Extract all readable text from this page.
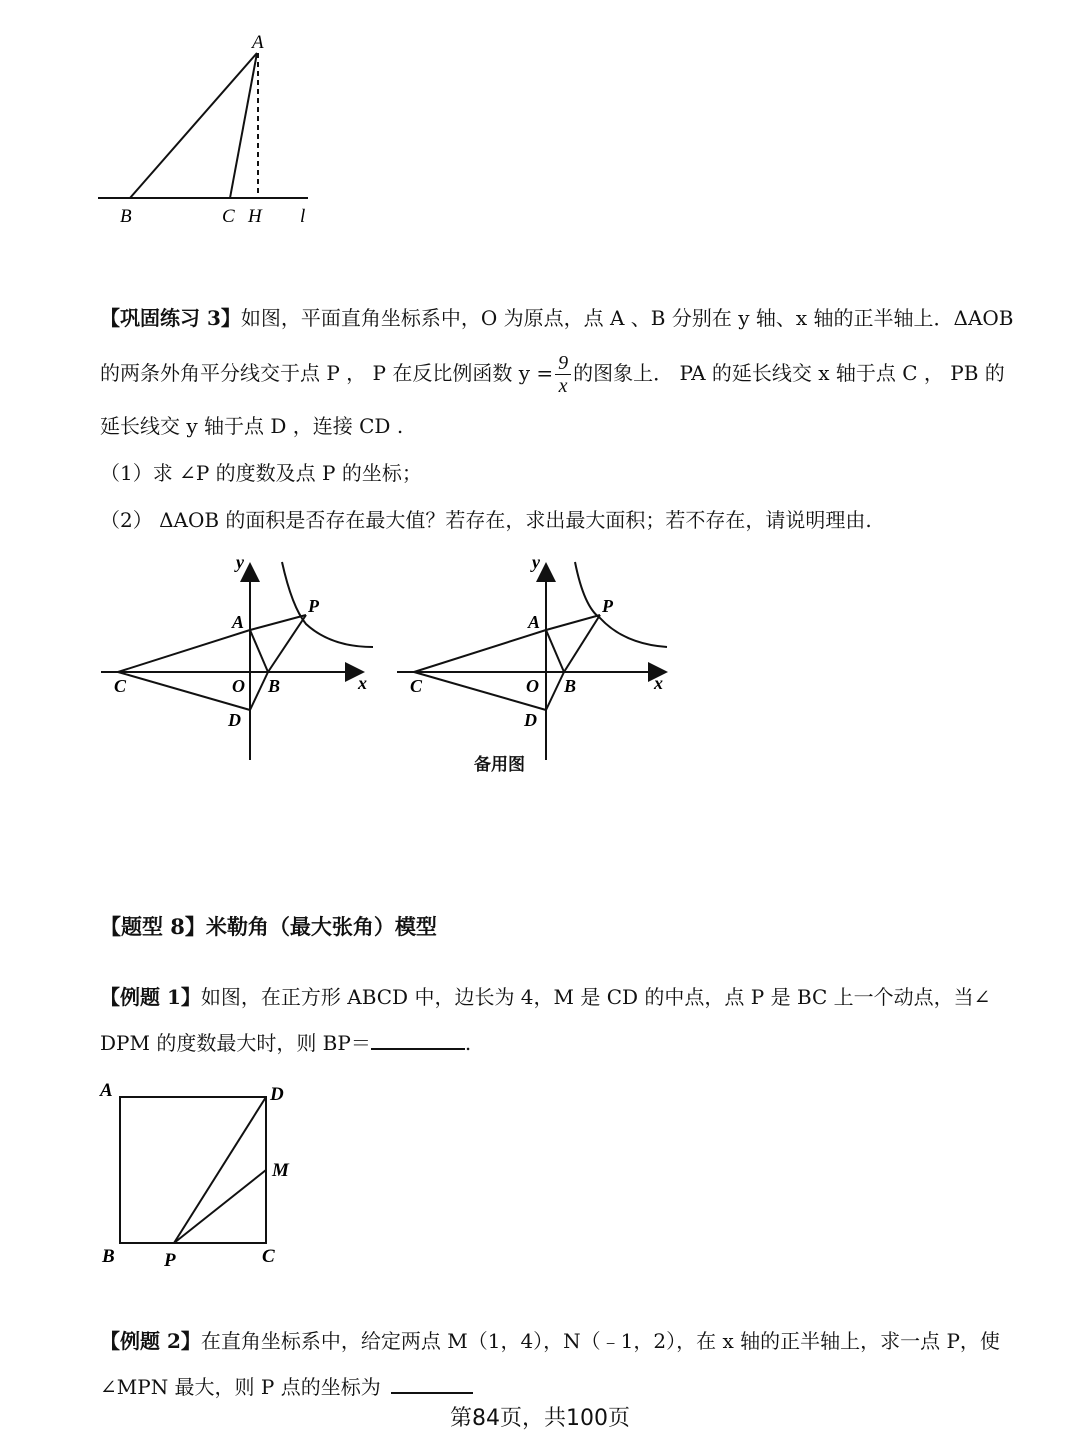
A
B	C H l
【巩固练习 3】如图，平面直角坐标系中，O 为原点，点 A 、B 分别在 y 轴、x 轴的正半轴上．ΔAOB
的两条外角平分线交于点 P ， P 在反比例函数 $y = \frac{9}{x}$ 的图象上． PA 的延长线交 x 轴于点 C ， PB 的
延长线交 y 轴于点 D ，连接 CD .
（1）求 ∠P 的度数及点 P 的坐标；
（2） ΔAOB 的面积是否存在最大值？若存在，求出最大面积；若不存在，请说明理由.
y
x
A
P
C	O B
D
y
x
A
P
C	O B
D
备用图
【题型 8】米勒角（最大张角）模型
【例题 1】如图，在正方形 ABCD 中，边长为 4，M 是 CD 的中点，点 P 是 BC 上一个动点，当∠
DPM 的度数最大时，则 BP＝	.
A	D
M
B	P	C
【例题 2】在直角坐标系中，给定两点 M（1，4），N（﹣1，2），在 x 轴的正半轴上，求一点 P，使
∠MPN 最大，则 P 点的坐标为
第84页，共100页
